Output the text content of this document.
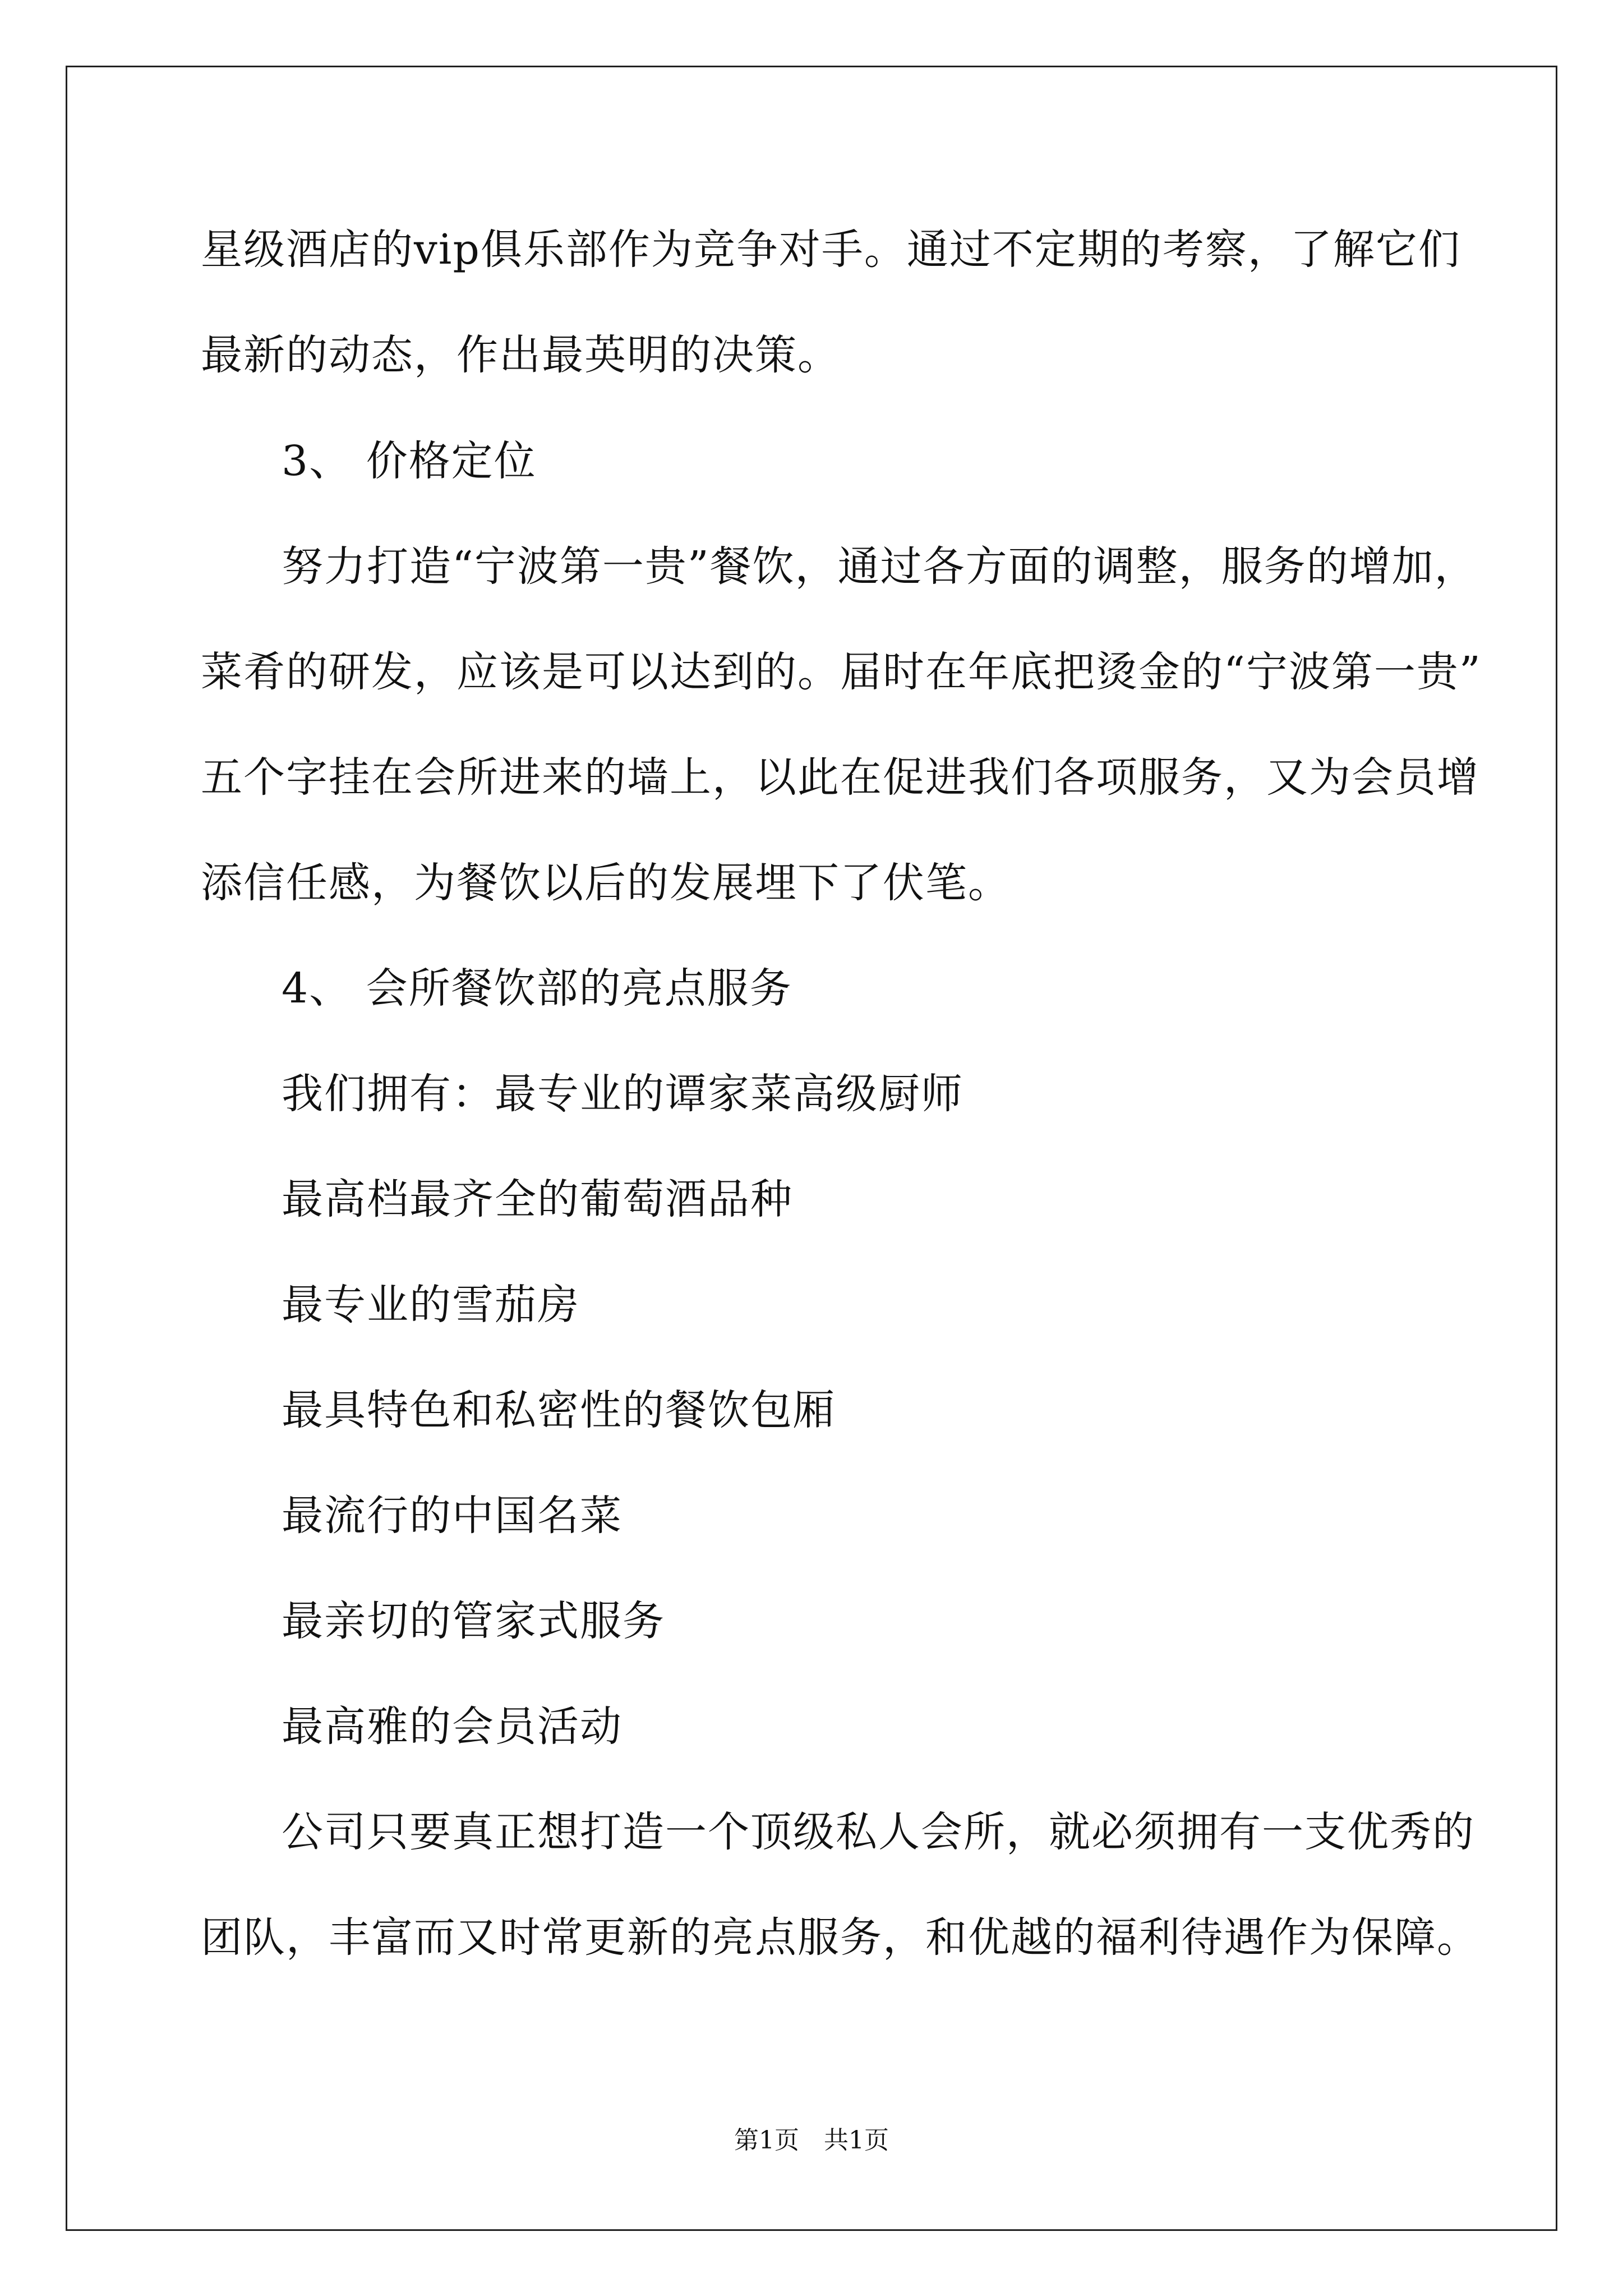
星级酒店的vip俱乐部作为竞争对手。通过不定期的考察，了解它们
最新的动态，作出最英明的决策。
3、 价格定位
努力打造“宁波第一贵”餐饮，通过各方面的调整，服务的增加，
菜肴的研发，应该是可以达到的。届时在年底把烫金的“宁波第一贵”
五个字挂在会所进来的墙上，以此在促进我们各项服务，又为会员增
添信任感，为餐饮以后的发展埋下了伏笔。
4、 会所餐饮部的亮点服务
我们拥有：最专业的谭家菜高级厨师
最高档最齐全的葡萄酒品种
最专业的雪茄房
最具特色和私密性的餐饮包厢
最流行的中国名菜
最亲切的管家式服务
最高雅的会员活动
公司只要真正想打造一个顶级私人会所，就必须拥有一支优秀的
团队，丰富而又时常更新的亮点服务，和优越的福利待遇作为保障。
第1页　共1页
